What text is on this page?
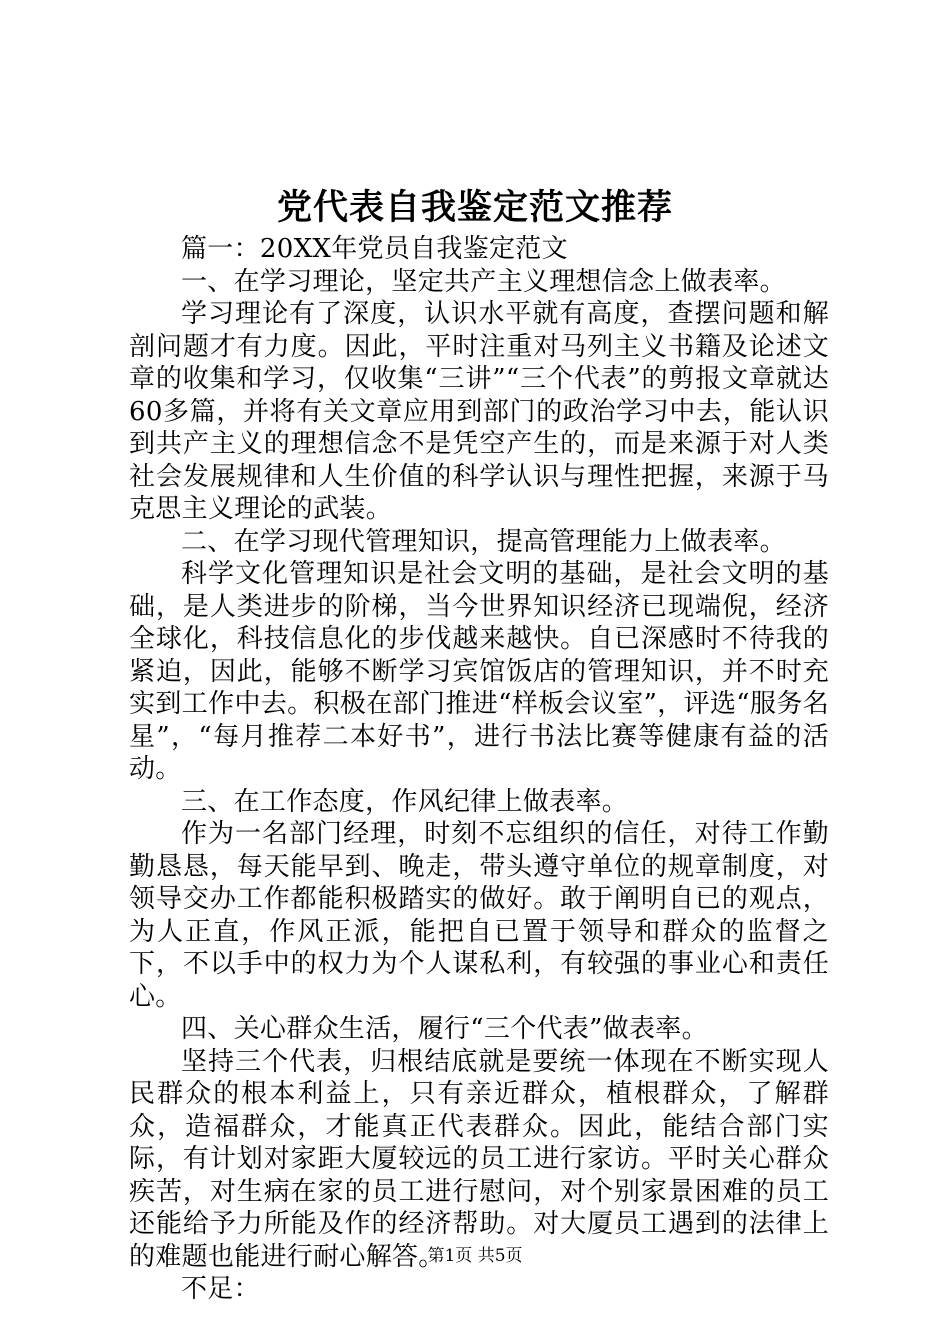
党代表自我鉴定范文推荐

篇一：20XX年党员自我鉴定范文

一、在学习理论，坚定共产主义理想信念上做表率。

学习理论有了深度，认识水平就有高度，查摆问题和解剖问题才有力度。因此，平时注重对马列主义书籍及论述文章的收集和学习，仅收集“三讲”“三个代表”的剪报文章就达60多篇，并将有关文章应用到部门的政治学习中去，能认识到共产主义的理想信念不是凭空产生的，而是来源于对人类社会发展规律和人生价值的科学认识与理性把握，来源于马克思主义理论的武装。

二、在学习现代管理知识，提高管理能力上做表率。

科学文化管理知识是社会文明的基础，是社会文明的基础，是人类进步的阶梯，当今世界知识经济已现端倪，经济全球化，科技信息化的步伐越来越快。自已深感时不待我的紧迫，因此，能够不断学习宾馆饭店的管理知识，并不时充实到工作中去。积极在部门推进“样板会议室”，评选“服务名星”，“每月推荐二本好书”，进行书法比赛等健康有益的活动。

三、在工作态度，作风纪律上做表率。

作为一名部门经理，时刻不忘组织的信任，对待工作勤勤恳恳，每天能早到、晚走，带头遵守单位的规章制度，对领导交办工作都能积极踏实的做好。敢于阐明自已的观点，为人正直，作风正派，能把自已置于领导和群众的监督之下，不以手中的权力为个人谋私利，有较强的事业心和责任心。

四、关心群众生活，履行“三个代表”做表率。

坚持三个代表，归根结底就是要统一体现在不断实现人民群众的根本利益上，只有亲近群众，植根群众，了解群众，造福群众，才能真正代表群众。因此，能结合部门实际，有计划对家距大厦较远的员工进行家访。平时关心群众疾苦，对生病在家的员工进行慰问，对个别家景困难的员工还能给予力所能及作的经济帮助。对大厦员工遇到的法律上的难题也能进行耐心解答。

不足：

第1页 共5页
